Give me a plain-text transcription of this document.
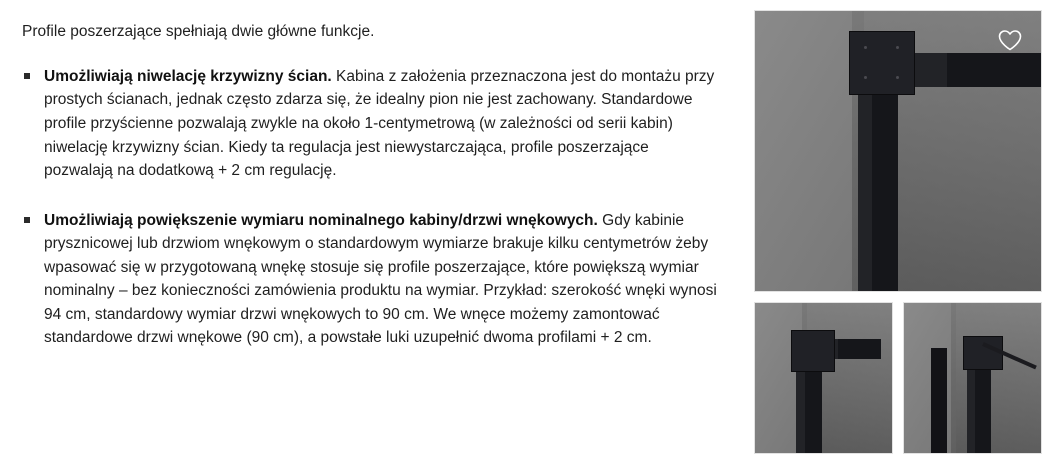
Profile poszerzające spełniają dwie główne funkcje.

Umożliwiają niwelację krzywizny ścian. Kabina z założenia przeznaczona jest do montażu przy prostych ścianach, jednak często zdarza się, że idealny pion nie jest zachowany. Standardowe profile przyścienne pozwalają zwykle na około 1-centymetrową (w zależności od serii kabin) niwelację krzywizny ścian. Kiedy ta regulacja jest niewystarczająca, profile poszerzające pozwalają na dodatkową + 2 cm regulację.
Umożliwiają powiększenie wymiaru nominalnego kabiny/drzwi wnękowych. Gdy kabinie prysznicowej lub drzwiom wnękowym o standardowym wymiarze brakuje kilku centymetrów żeby wpasować się w przygotowaną wnękę stosuje się profile poszerzające, które powiększą wymiar nominalny – bez konieczności zamówienia produktu na wymiar. Przykład: szerokość wnęki wynosi 94 cm, standardowy wymiar drzwi wnękowych to 90 cm. We wnęce możemy zamontować standardowe drzwi wnękowe (90 cm), a powstałe luki uzupełnić dwoma profilami + 2 cm.
